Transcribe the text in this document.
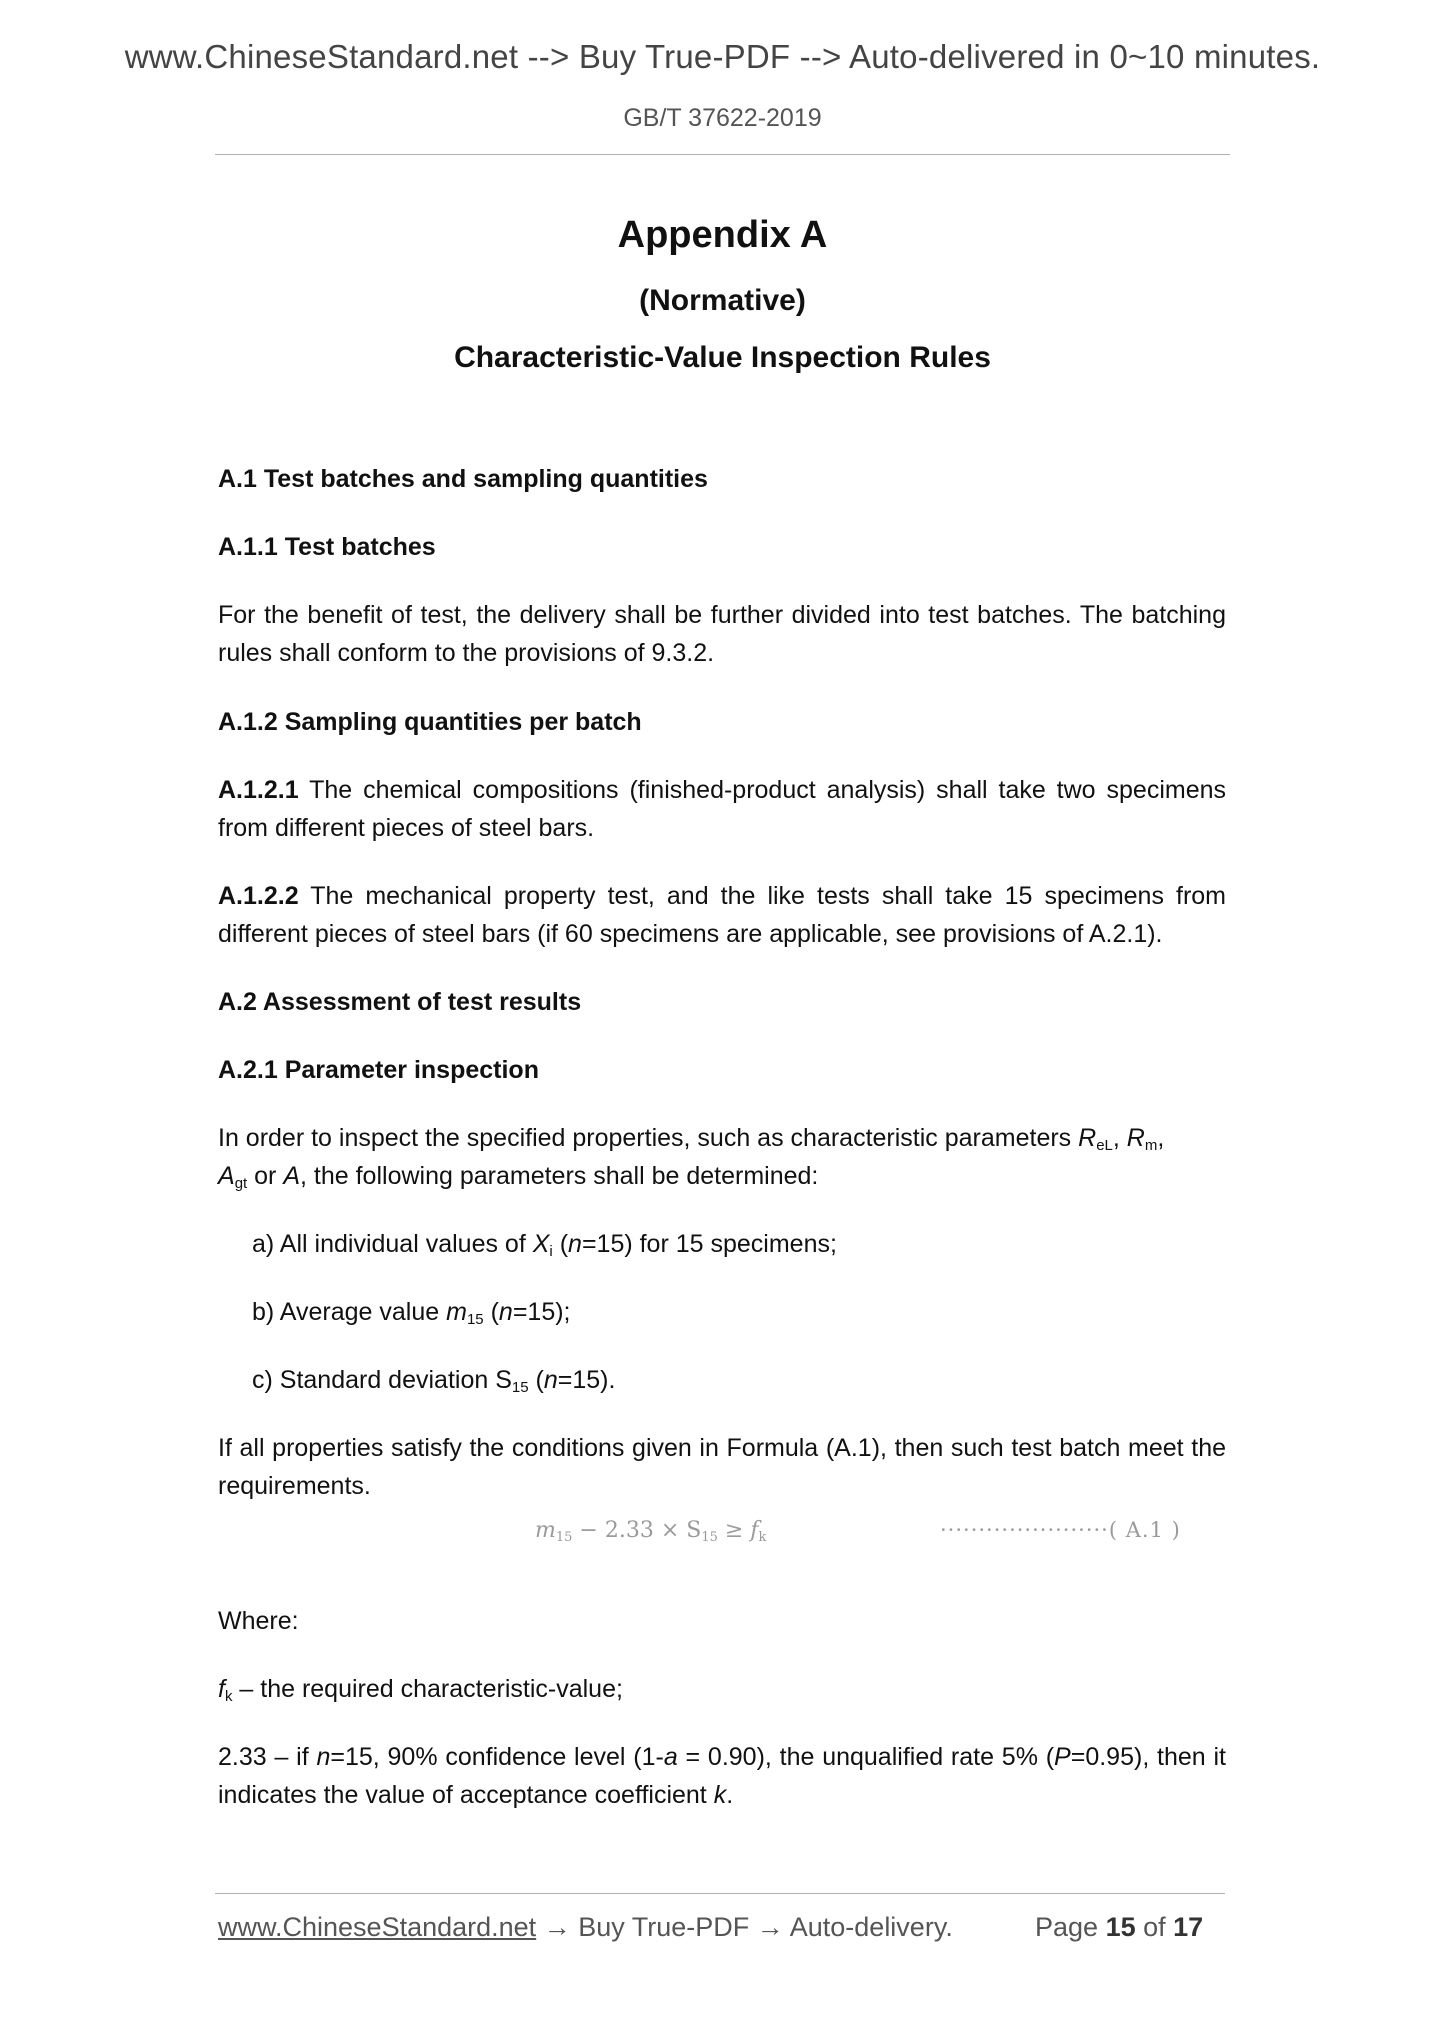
www.ChineseStandard.net --> Buy True-PDF --> Auto-delivered in 0~10 minutes.
GB/T 37622-2019
Appendix A
(Normative)
Characteristic-Value Inspection Rules
A.1 Test batches and sampling quantities
A.1.1 Test batches
For the benefit of test, the delivery shall be further divided into test batches. The batching rules shall conform to the provisions of 9.3.2.
A.1.2 Sampling quantities per batch
A.1.2.1 The chemical compositions (finished-product analysis) shall take two specimens from different pieces of steel bars.
A.1.2.2 The mechanical property test, and the like tests shall take 15 specimens from different pieces of steel bars (if 60 specimens are applicable, see provisions of A.2.1).
A.2 Assessment of test results
A.2.1 Parameter inspection
In order to inspect the specified properties, such as characteristic parameters $R_{eL}$, $R_m$,
$A_{gt}$ or A, the following parameters shall be determined:
a) All individual values of $X_i$ (n=15) for 15 specimens;
b) Average value $m_{15}$ (n=15);
c) Standard deviation $S_{15}$ (n=15).
If all properties satisfy the conditions given in Formula (A.1), then such test batch meet the requirements.
$m_{15} - 2.33 \times S_{15} \ge f_k$	······················( A.1 )
Where:
$f_k$ – the required characteristic-value;
2.33 – if n=15, 90% confidence level (1-a = 0.90), the unqualified rate 5% (P=0.95), then it indicates the value of acceptance coefficient k.
www.ChineseStandard.net → Buy True-PDF → Auto-delivery.	Page 15 of 17
